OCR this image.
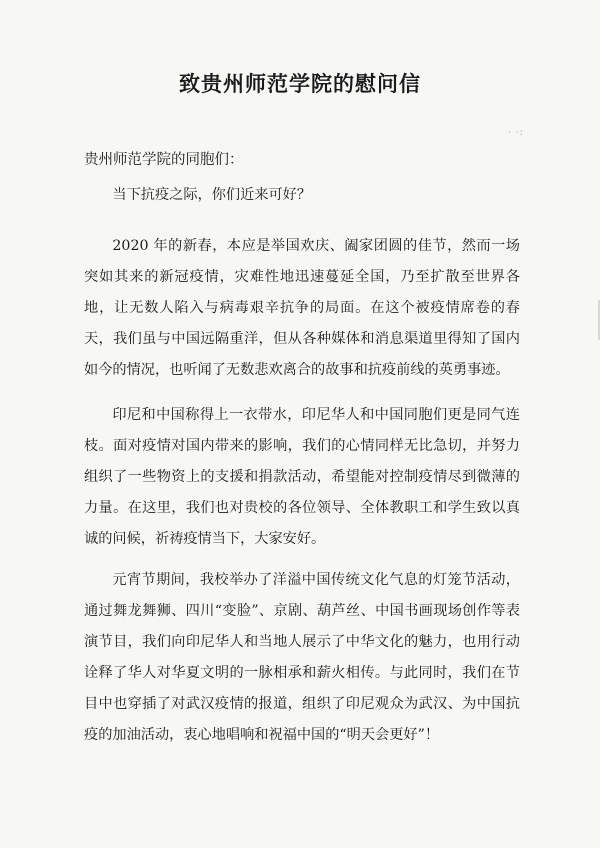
致贵州师范学院的慰问信
· ·:
贵州师范学院的同胞们：

当下抗疫之际，你们近来可好？

2020 年的新春，本应是举国欢庆、阖家团圆的佳节，然而一场突如其来的新冠疫情，灾难性地迅速蔓延全国，乃至扩散至世界各地，让无数人陷入与病毒艰辛抗争的局面。在这个被疫情席卷的春天，我们虽与中国远隔重洋，但从各种媒体和消息渠道里得知了国内如今的情况，也听闻了无数悲欢离合的故事和抗疫前线的英勇事迹。

印尼和中国称得上一衣带水，印尼华人和中国同胞们更是同气连枝。面对疫情对国内带来的影响，我们的心情同样无比急切，并努力组织了一些物资上的支援和捐款活动，希望能对控制疫情尽到微薄的力量。在这里，我们也对贵校的各位领导、全体教职工和学生致以真诚的问候，祈祷疫情当下，大家安好。

元宵节期间，我校举办了洋溢中国传统文化气息的灯笼节活动，通过舞龙舞狮、四川“变脸”、京剧、葫芦丝、中国书画现场创作等表演节目，我们向印尼华人和当地人展示了中华文化的魅力，也用行动诠释了华人对华夏文明的一脉相承和薪火相传。与此同时，我们在节目中也穿插了对武汉疫情的报道，组织了印尼观众为武汉、为中国抗疫的加油活动，衷心地唱响和祝福中国的“明天会更好”！
